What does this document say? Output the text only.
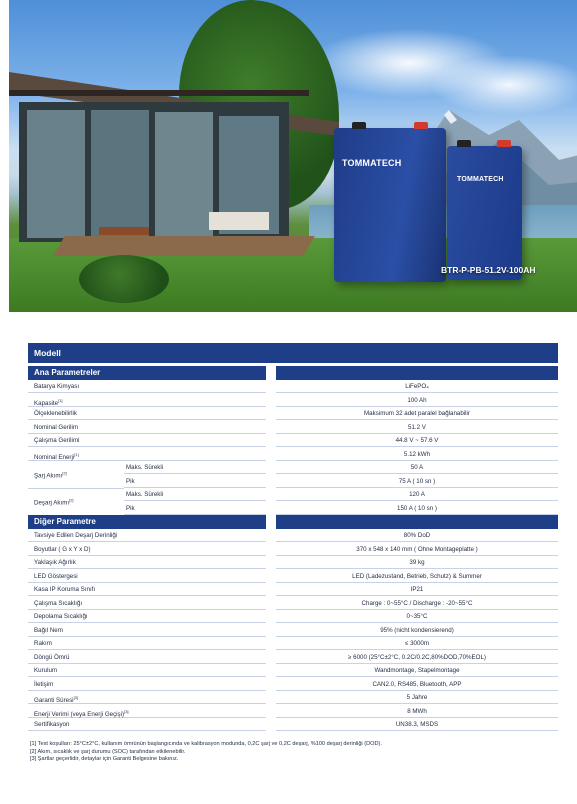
TOMMATECH
TOMMATECH
BTR-P-PB-51.2V-100AH
Modell
Ana Parametreler
Batarya Kimyası	LiFePO₄
Kapasite[1]	100 Ah
Ölçeklenebilirlik	Maksimum 32 adet paralel bağlanabilir
Nominal Gerilim	51.2 V
Çalışma Gerilimi	44.8 V ~ 57.6 V
Nominal Enerji[1]	5.12 kWh
Şarj Akımı[2]
Maks. Sürekli	50 A
Pik	75 A ( 10 sn )
Deşarj Akımı[2]
Maks. Sürekli	120 A
Pik	150 A ( 10 sn )
Diğer Parametre
Tavsiye Edilen Deşarj Derinliği	80% DoD
Boyutlar ( G x Y x D)	370 x 548 x 140 mm ( Ohne Montageplatte )
Yaklaşık Ağırlık	39 kg
LED Göstergesi	LED (Ladezustand, Betrieb, Schutz) & Summer
Kasa IP Koruma Sınıfı	IP21
Çalışma Sıcaklığı	Charge : 0~55°C / Discharge : -20~55°C
Depolama Sıcaklığı	0~35°C
Bağıl Nem	95% (nicht kondensierend)
Rakım	≤ 3000m
Döngü Ömrü	≥ 6000 (25°C±2°C, 0.2C/0.2C,80%DOD,70%EOL)
Kurulum	Wandmontage, Stapelmontage
İletişim	CAN2.0, RS485, Bluetooth, APP
Garanti Süresi[3]	5 Jahre
Enerji Verimi (veya Enerji Geçişi)[3]	8 MWh
Sertifikasyon	UN38.3, MSDS
[1] Test koşulları: 25°C±2°C, kullanım ömrünün başlangıcında ve kalibrasyon modunda, 0,2C şarj ve 0,2C deşarj, %100 deşarj derinliği (DOD).
[2] Akım, sıcaklık ve şarj durumu (SOC) tarafından etkilenebilir.
[3] Şartlar geçerlidir, detaylar için Garanti Belgesine bakınız.
